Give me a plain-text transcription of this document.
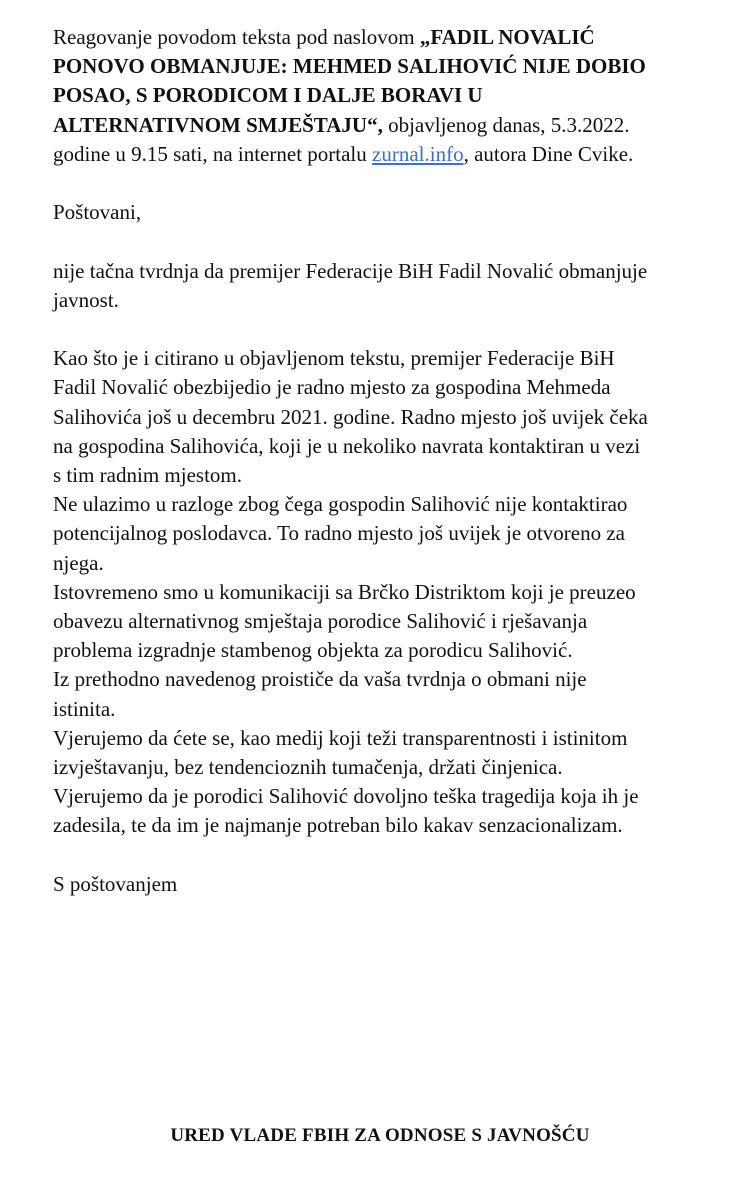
Reagovanje povodom teksta pod naslovom „FADIL NOVALIĆ PONOVO OBMANJUJE: MEHMED SALIHOVIĆ NIJE DOBIO POSAO, S PORODICOM I DALJE BORAVI U ALTERNATIVNOM SMJEŠTAJU“, objavljenog danas, 5.3.2022. godine u 9.15 sati, na internet portalu zurnal.info, autora Dine Cvike.

Poštovani,

nije tačna tvrdnja da premijer Federacije BiH Fadil Novalić obmanjuje javnost.

Kao što je i citirano u objavljenom tekstu, premijer Federacije BiH Fadil Novalić obezbijedio je radno mjesto za gospodina Mehmeda Salihovića još u decembru 2021. godine. Radno mjesto još uvijek čeka na gospodina Salihovića, koji je u nekoliko navrata kontaktiran u vezi s tim radnim mjestom.

Ne ulazimo u razloge zbog čega gospodin Salihović nije kontaktirao potencijalnog poslodavca. To radno mjesto još uvijek je otvoreno za njega.

Istovremeno smo u komunikaciji sa Brčko Distriktom koji je preuzeo obavezu alternativnog smještaja porodice Salihović i rješavanja problema izgradnje stambenog objekta za porodicu Salihović.

Iz prethodno navedenog proističe da vaša tvrdnja o obmani nije istinita.

Vjerujemo da ćete se, kao medij koji teži transparentnosti i istinitom izvještavanju, bez tendencioznih tumačenja, držati činjenica.

Vjerujemo da je porodici Salihović dovoljno teška tragedija koja ih je zadesila, te da im je najmanje potreban bilo kakav senzacionalizam.

S poštovanjem

URED VLADE FBIH ZA ODNOSE S JAVNOŠĆU
